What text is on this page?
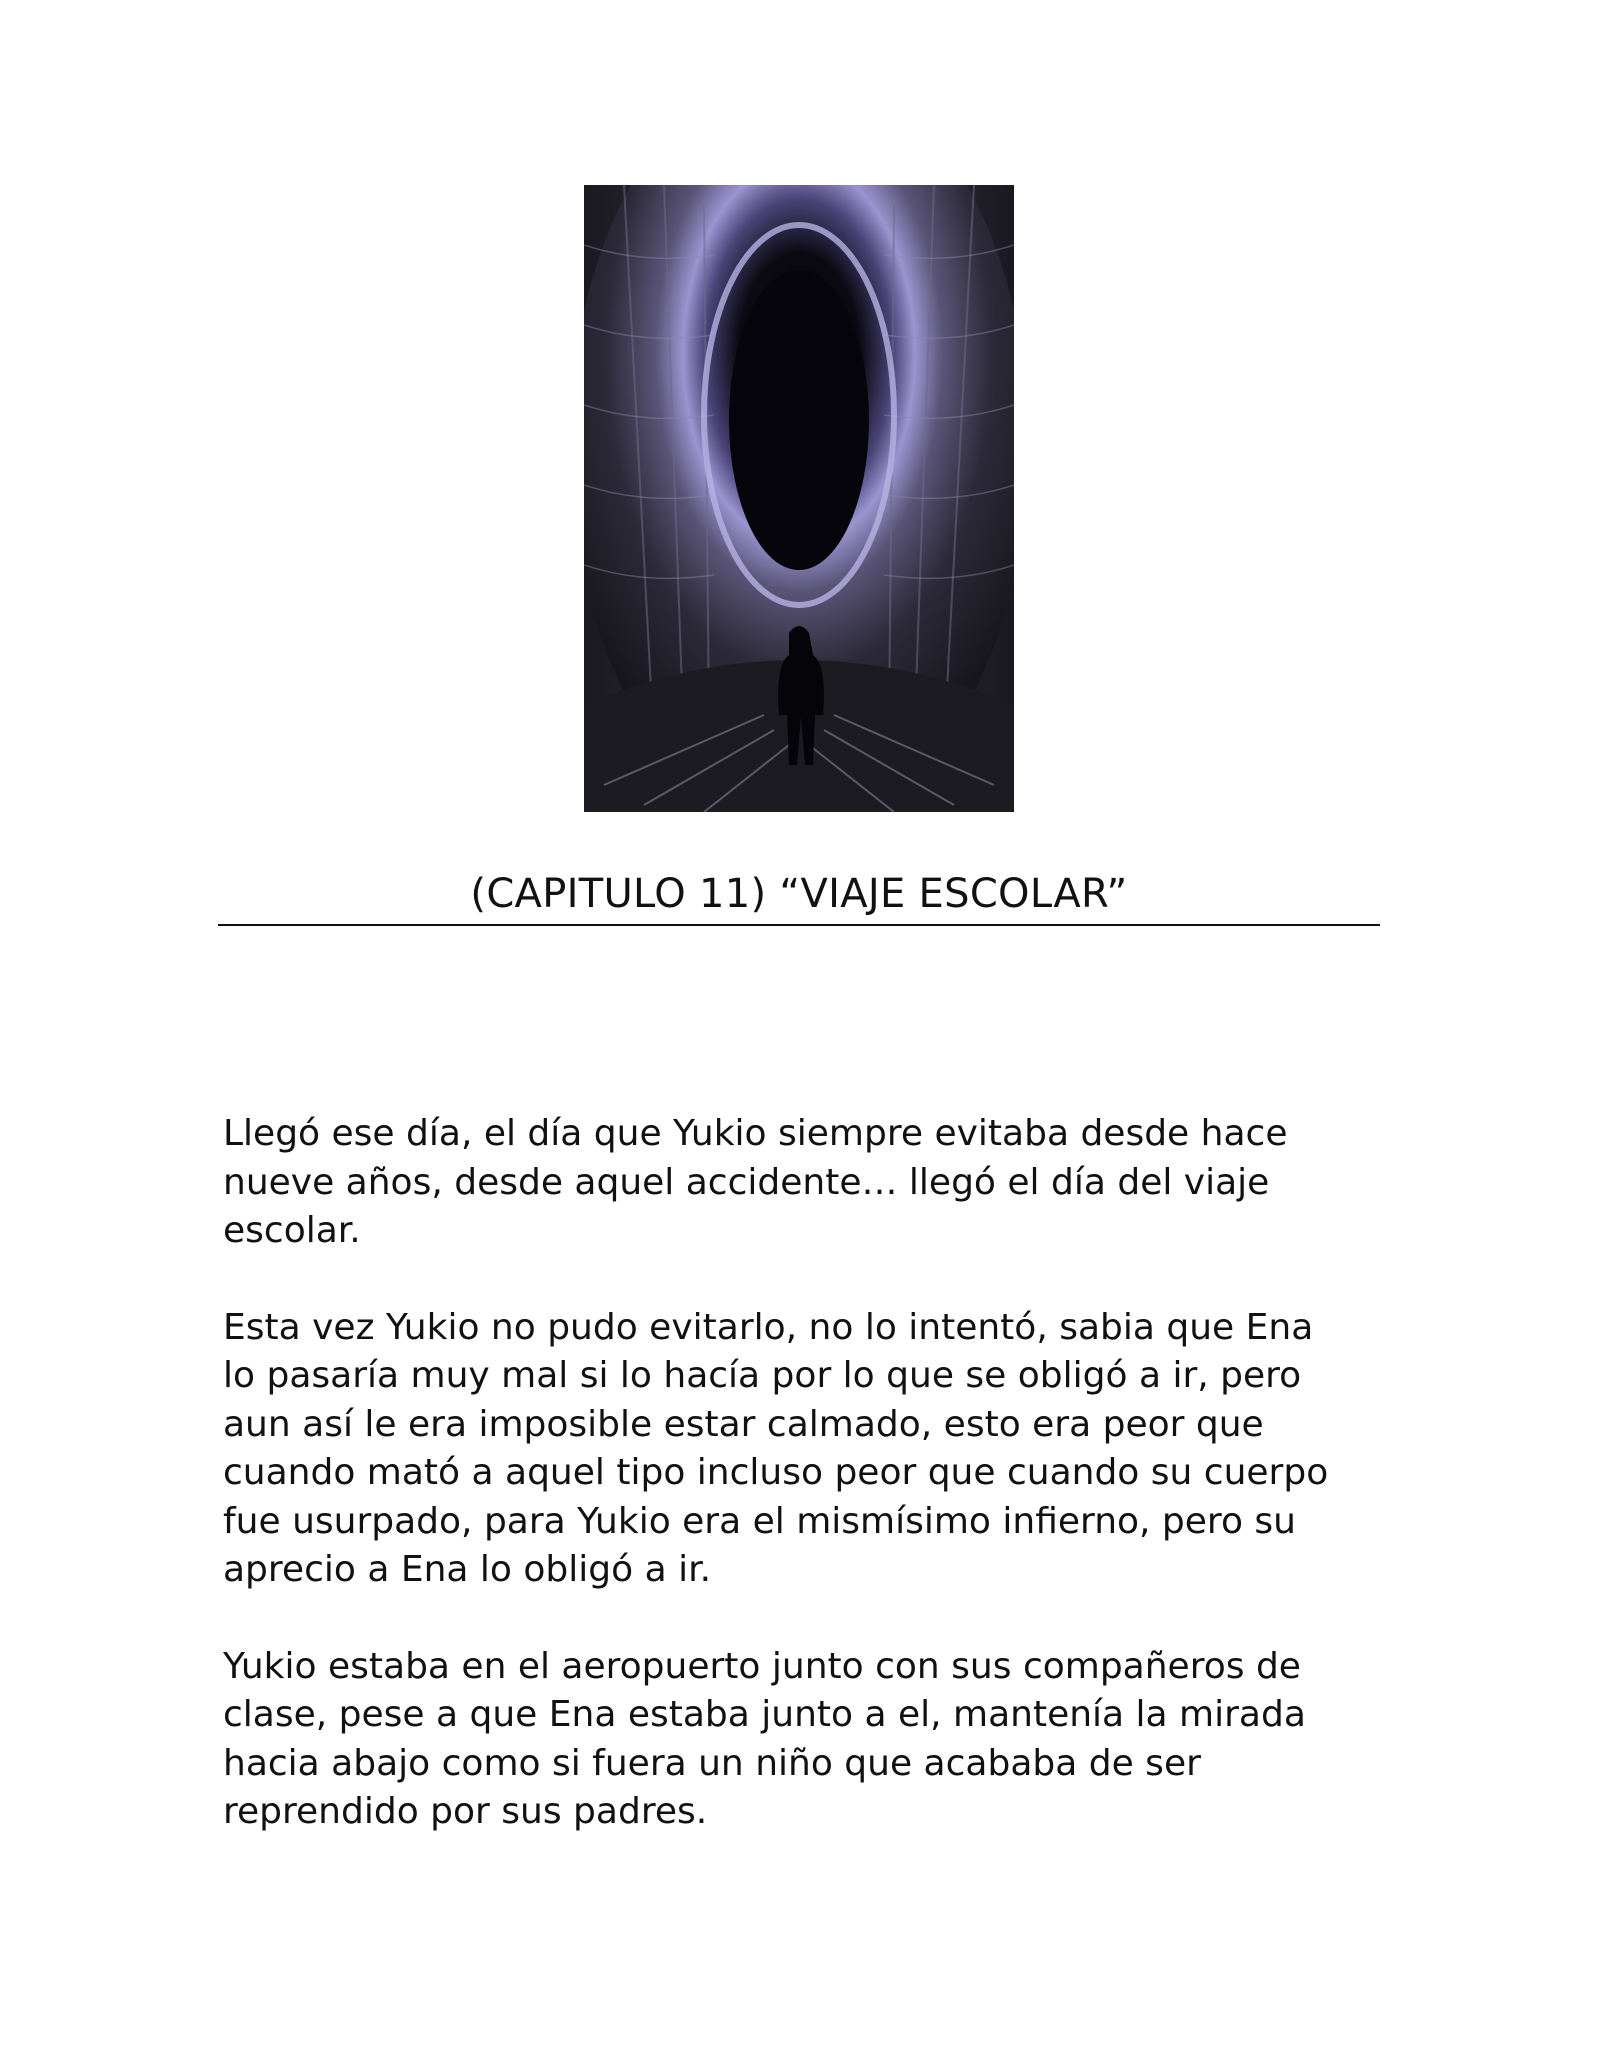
(CAPITULO 11) “VIAJE ESCOLAR”

Llegó ese día, el día que Yukio siempre evitaba desde hace
nueve años, desde aquel accidente… llegó el día del viaje
escolar.

Esta vez Yukio no pudo evitarlo, no lo intentó, sabia que Ena
lo pasaría muy mal si lo hacía por lo que se obligó a ir, pero
aun así le era imposible estar calmado, esto era peor que
cuando mató a aquel tipo incluso peor que cuando su cuerpo
fue usurpado, para Yukio era el mismísimo infierno, pero su
aprecio a Ena lo obligó a ir.

Yukio estaba en el aeropuerto junto con sus compañeros de
clase, pese a que Ena estaba junto a el, mantenía la mirada
hacia abajo como si fuera un niño que acababa de ser
reprendido por sus padres.
